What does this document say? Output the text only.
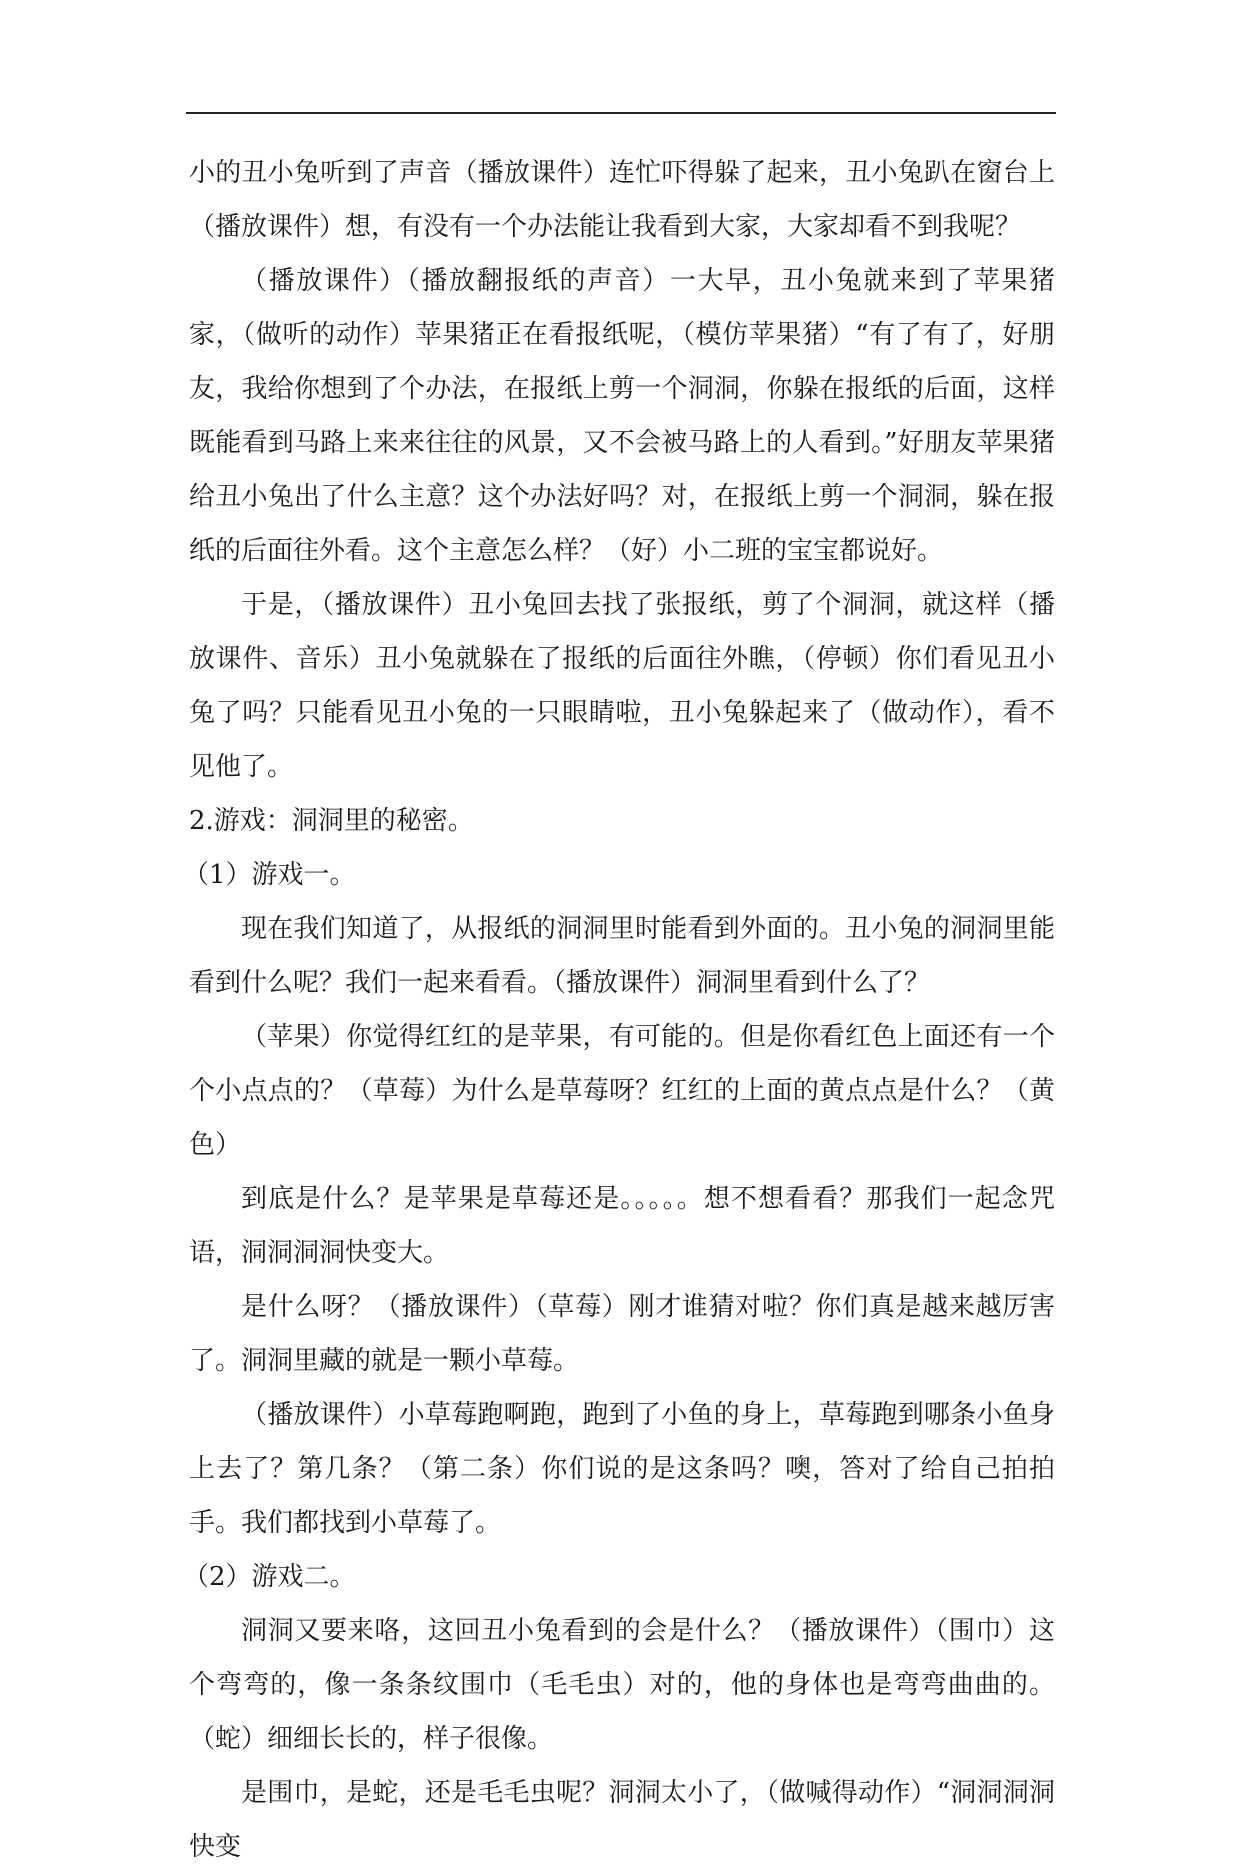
小的丑小兔听到了声音（播放课件）连忙吓得躲了起来，丑小兔趴在窗台上（播放课件）想，有没有一个办法能让我看到大家，大家却看不到我呢？

（播放课件）（播放翻报纸的声音）一大早，丑小兔就来到了苹果猪家，（做听的动作）苹果猪正在看报纸呢，（模仿苹果猪）“有了有了，好朋友，我给你想到了个办法，在报纸上剪一个洞洞，你躲在报纸的后面，这样既能看到马路上来来往往的风景，又不会被马路上的人看到。”好朋友苹果猪给丑小兔出了什么主意？这个办法好吗？对，在报纸上剪一个洞洞，躲在报纸的后面往外看。这个主意怎么样？（好）小二班的宝宝都说好。

于是，（播放课件）丑小兔回去找了张报纸，剪了个洞洞，就这样（播放课件、音乐）丑小兔就躲在了报纸的后面往外瞧，（停顿）你们看见丑小兔了吗？只能看见丑小兔的一只眼睛啦，丑小兔躲起来了（做动作），看不见他了。

2.游戏：洞洞里的秘密。

（1）游戏一。

现在我们知道了，从报纸的洞洞里时能看到外面的。丑小兔的洞洞里能看到什么呢？我们一起来看看。（播放课件）洞洞里看到什么了？

（苹果）你觉得红红的是苹果，有可能的。但是你看红色上面还有一个个小点点的？（草莓）为什么是草莓呀？红红的上面的黄点点是什么？（黄色）

到底是什么？是苹果是草莓还是。。。。。想不想看看？那我们一起念咒语，洞洞洞洞快变大。

是什么呀？（播放课件）（草莓）刚才谁猜对啦？你们真是越来越厉害了。洞洞里藏的就是一颗小草莓。

（播放课件）小草莓跑啊跑，跑到了小鱼的身上，草莓跑到哪条小鱼身上去了？第几条？（第二条）你们说的是这条吗？噢，答对了给自己拍拍手。我们都找到小草莓了。

（2）游戏二。

洞洞又要来咯，这回丑小兔看到的会是什么？（播放课件）（围巾）这个弯弯的，像一条条纹围巾（毛毛虫）对的，他的身体也是弯弯曲曲的。（蛇）细细长长的，样子很像。

是围巾，是蛇，还是毛毛虫呢？洞洞太小了，（做喊得动作）“洞洞洞洞快变
